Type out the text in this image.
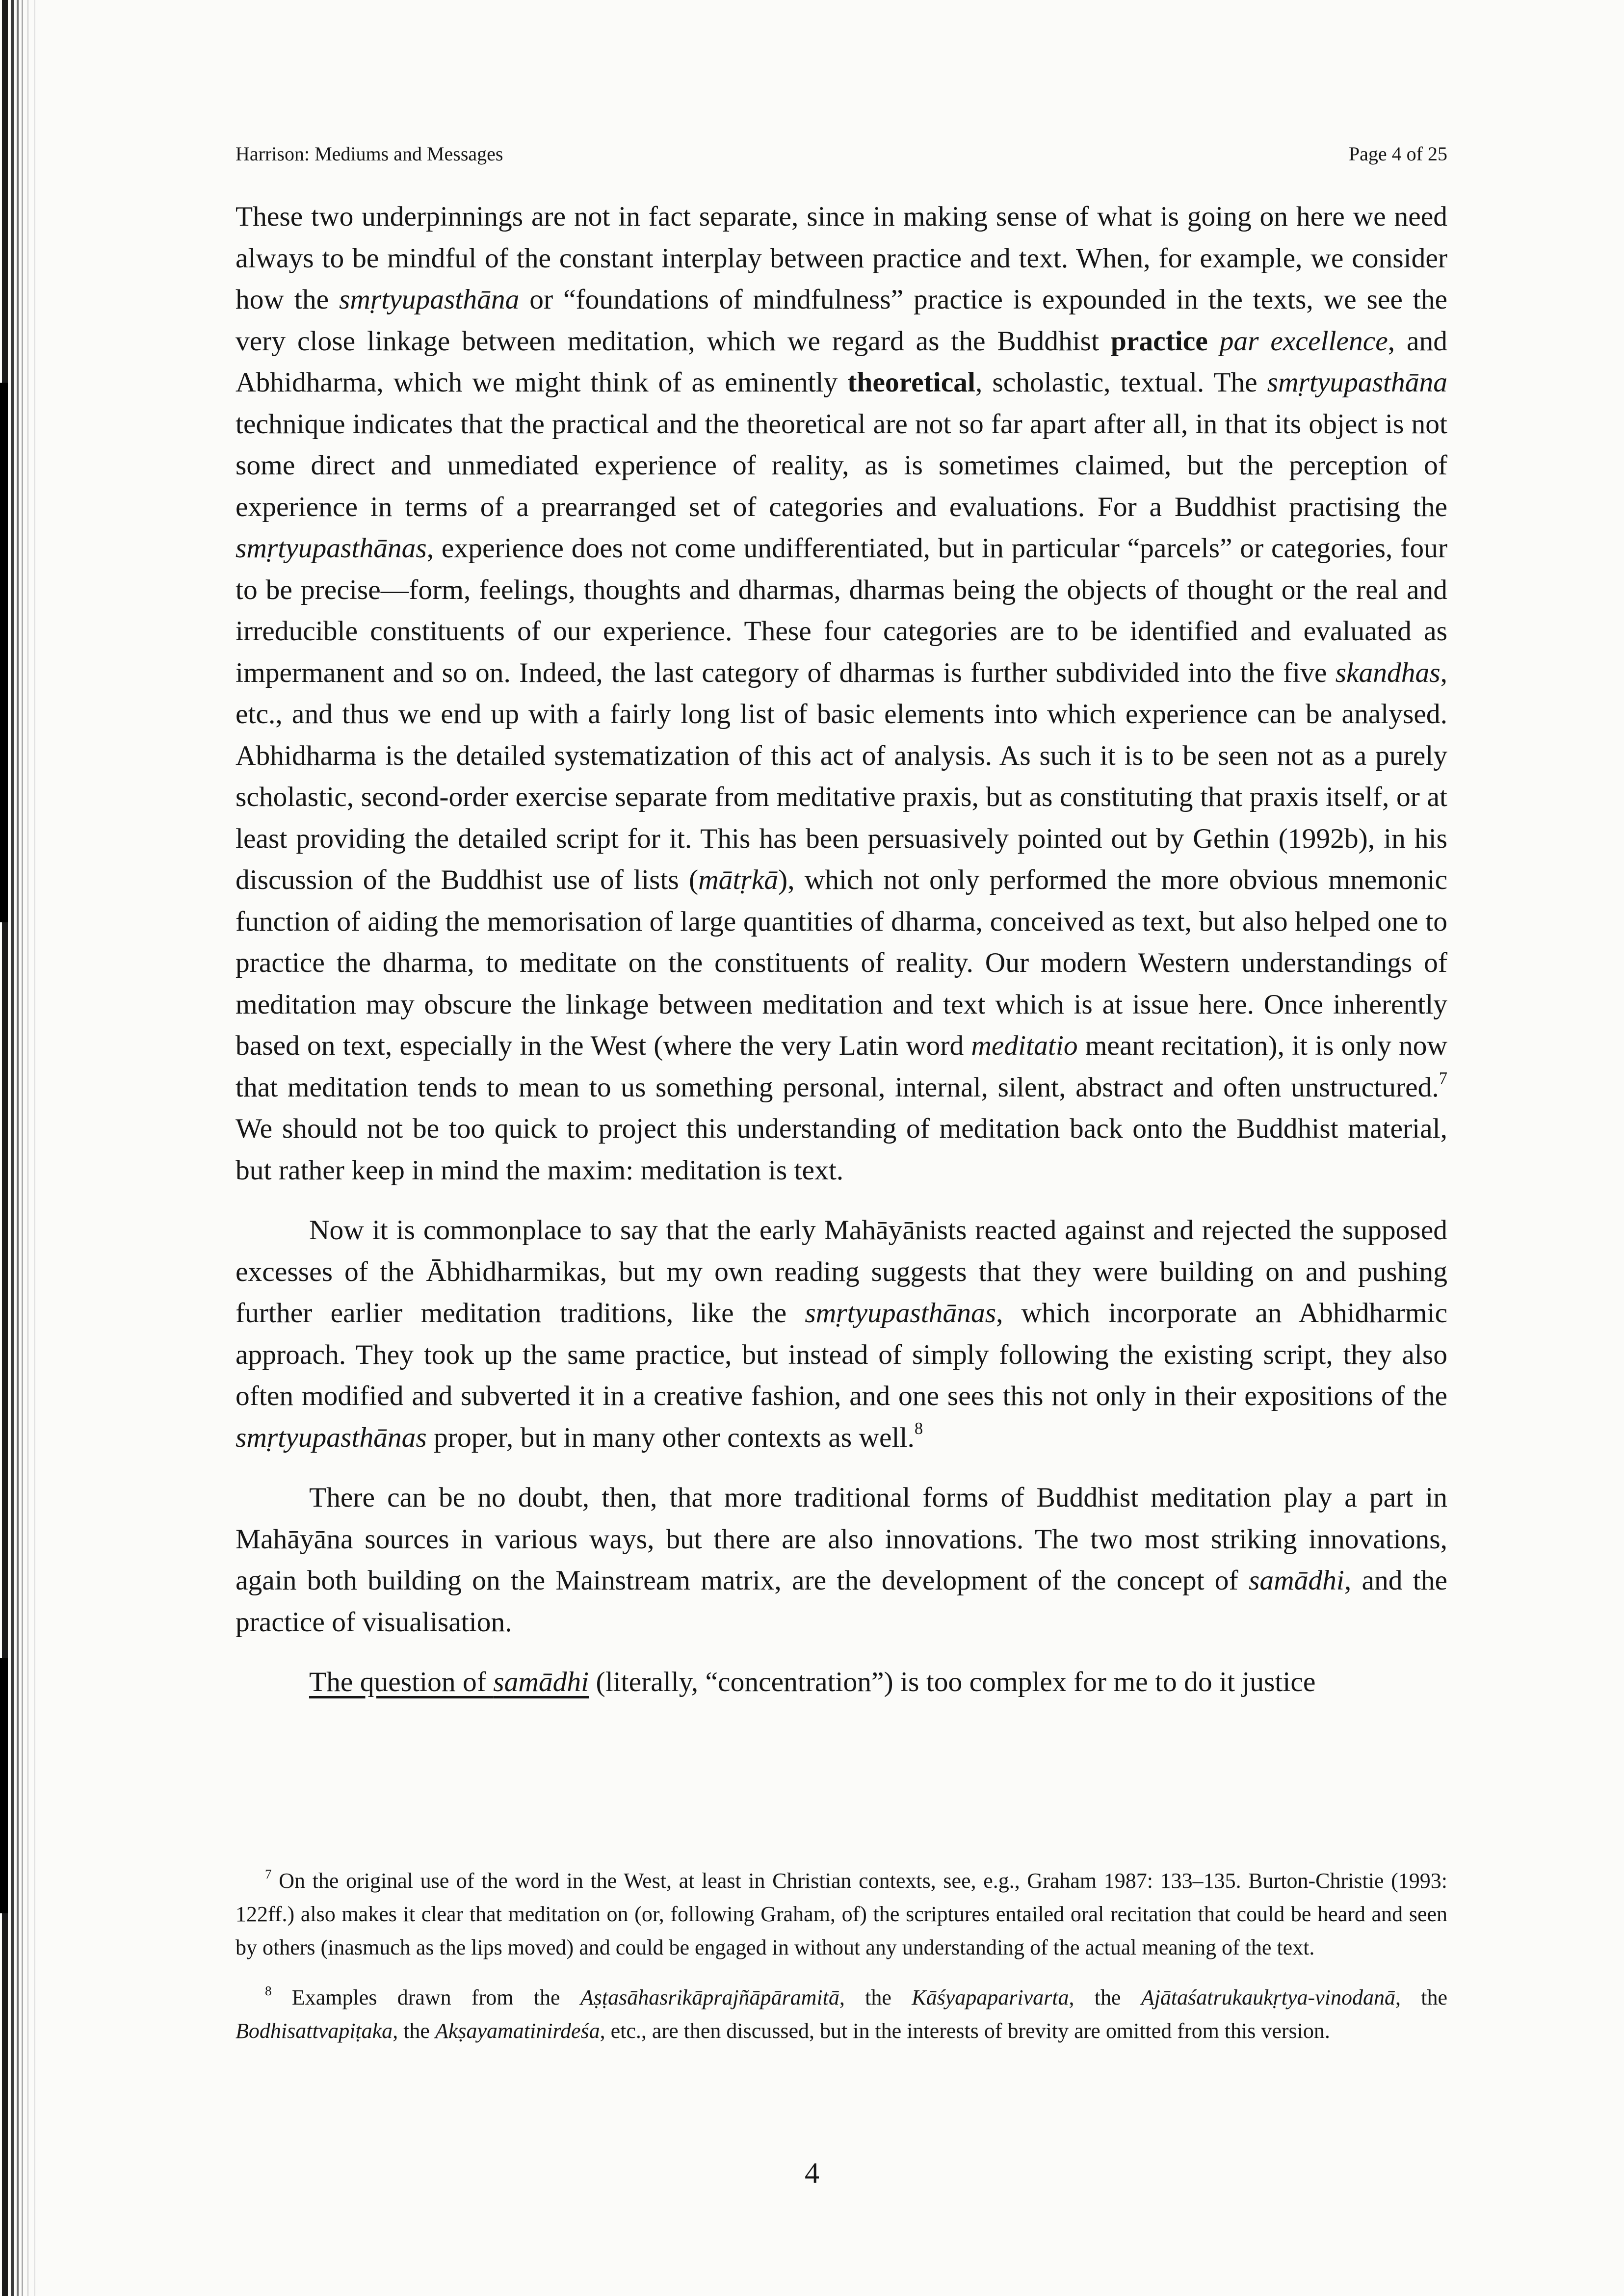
Harrison: Mediums and Messages	Page 4 of 25

These two underpinnings are not in fact separate, since in making sense of what is going on here we need always to be mindful of the constant interplay between practice and text. When, for example, we consider how the smṛtyupasthāna or “foundations of mindfulness” practice is expounded in the texts, we see the very close linkage between meditation, which we regard as the Buddhist practice par excellence, and Abhidharma, which we might think of as eminently theoretical, scholastic, textual. The smṛtyupasthāna technique indicates that the practical and the theoretical are not so far apart after all, in that its object is not some direct and unmediated experience of reality, as is sometimes claimed, but the perception of experience in terms of a prearranged set of categories and evaluations. For a Buddhist practising the smṛtyupasthānas, experience does not come undifferentiated, but in particular “parcels” or categories, four to be precise—form, feelings, thoughts and dharmas, dharmas being the objects of thought or the real and irreducible constituents of our experience. These four categories are to be identified and evaluated as impermanent and so on. Indeed, the last category of dharmas is further subdivided into the five skandhas, etc., and thus we end up with a fairly long list of basic elements into which experience can be analysed. Abhidharma is the detailed systematization of this act of analysis. As such it is to be seen not as a purely scholastic, second-order exercise separate from meditative praxis, but as constituting that praxis itself, or at least providing the detailed script for it. This has been persuasively pointed out by Gethin (1992b), in his discussion of the Buddhist use of lists (mātṛkā), which not only performed the more obvious mnemonic function of aiding the memorisation of large quantities of dharma, conceived as text, but also helped one to practice the dharma, to meditate on the constituents of reality. Our modern Western understandings of meditation may obscure the linkage between meditation and text which is at issue here. Once inherently based on text, especially in the West (where the very Latin word meditatio meant recitation), it is only now that meditation tends to mean to us something personal, internal, silent, abstract and often unstructured.$^7$ We should not be too quick to project this understanding of meditation back onto the Buddhist material, but rather keep in mind the maxim: meditation is text.

Now it is commonplace to say that the early Mahāyānists reacted against and rejected the supposed excesses of the Ābhidharmikas, but my own reading suggests that they were building on and pushing further earlier meditation traditions, like the smṛtyupasthānas, which incorporate an Abhidharmic approach. They took up the same practice, but instead of simply following the existing script, they also often modified and subverted it in a creative fashion, and one sees this not only in their expositions of the smṛtyupasthānas proper, but in many other contexts as well.$^8$

There can be no doubt, then, that more traditional forms of Buddhist meditation play a part in Mahāyāna sources in various ways, but there are also innovations. The two most striking innovations, again both building on the Mainstream matrix, are the development of the concept of samādhi, and the practice of visualisation.

The question of samādhi (literally, “concentration”) is too complex for me to do it justice

$^7$ On the original use of the word in the West, at least in Christian contexts, see, e.g., Graham 1987: 133–135. Burton-Christie (1993: 122ff.) also makes it clear that meditation on (or, following Graham, of) the scriptures entailed oral recitation that could be heard and seen by others (inasmuch as the lips moved) and could be engaged in without any understanding of the actual meaning of the text.

$^8$ Examples drawn from the Aṣṭasāhasrikāprajñāpāramitā, the Kāśyapaparivarta, the Ajātaśatrukaukṛtya-vinodanā, the Bodhisattvapiṭaka, the Akṣayamatinirdeśa, etc., are then discussed, but in the interests of brevity are omitted from this version.

4
